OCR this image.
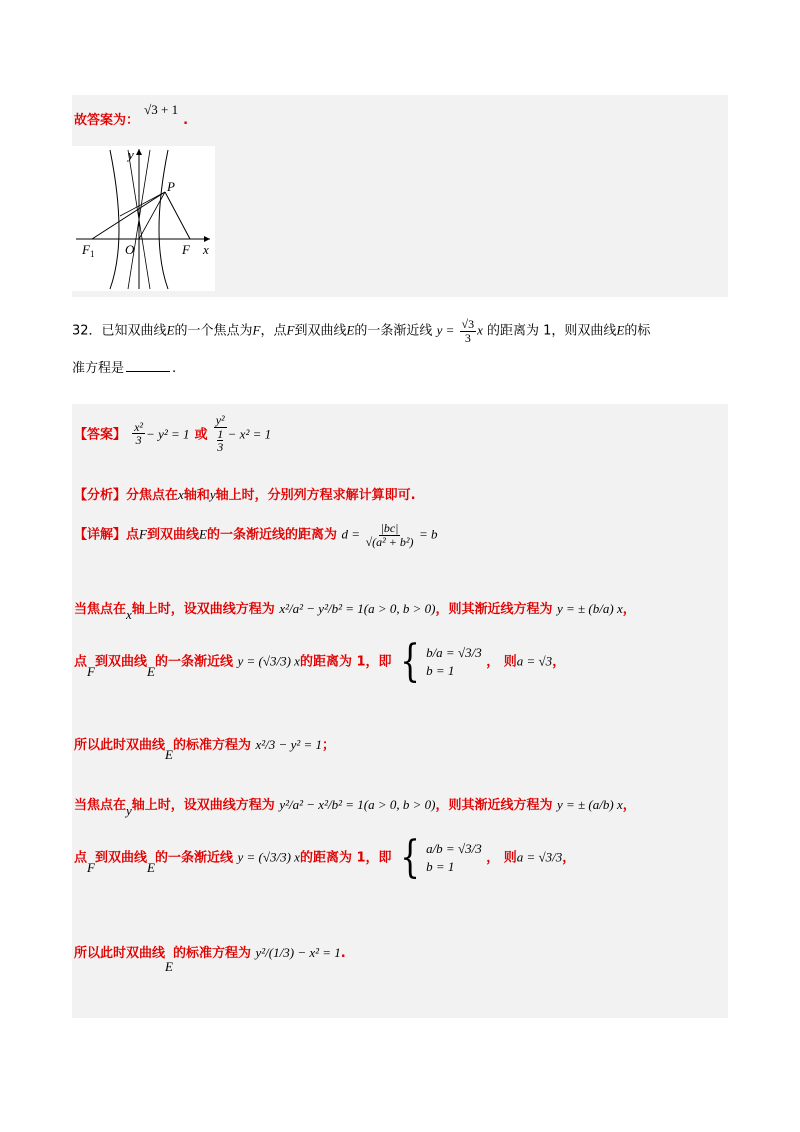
故答案为： $^{√3 + 1}$ .
y
x
P
F 1 O	F
32．已知双曲线E的一个焦点为F，点F到双曲线E的一条渐近线 $y = \frac{√3}{3}$ x 的距离为 1，则双曲线E的标
准方程是	.
【答案】 $\frac{\text{x²}}{3} - y^2 = 1$ 或
y²
1
3
− x² = 1
【分析】分焦点在x轴和y轴上时，分别列方程求解计算即可.
【详解】点F到双曲线E的一条渐近线的距离为 $d = \frac{|bc|}{\text{√(a² + b²)}} = b$
当焦点在x轴上时，设双曲线方程为 x²/a² − y²/b² = 1(a > 0, b > 0)，则其渐近线方程为 y = ± (b/a) x，
点F到双曲线E的一条渐近线 y = (√3/3) x的距离为 1，即 { b/a = √3/3
b = 1
， 则a = √3，
所以此时双曲线E的标准方程为 x²/3 − y² = 1；
当焦点在y轴上时，设双曲线方程为 y²/a² − x²/b² = 1(a > 0, b > 0)，则其渐近线方程为 y = ± (a/b) x，
点F到双曲线E的一条渐近线 y = (√3/3) x的距离为 1，即 { a/b = √3/3
b = 1
， 则a = √3/3，
所以此时双曲线E的标准方程为 y²/(1/3) − x² = 1.
